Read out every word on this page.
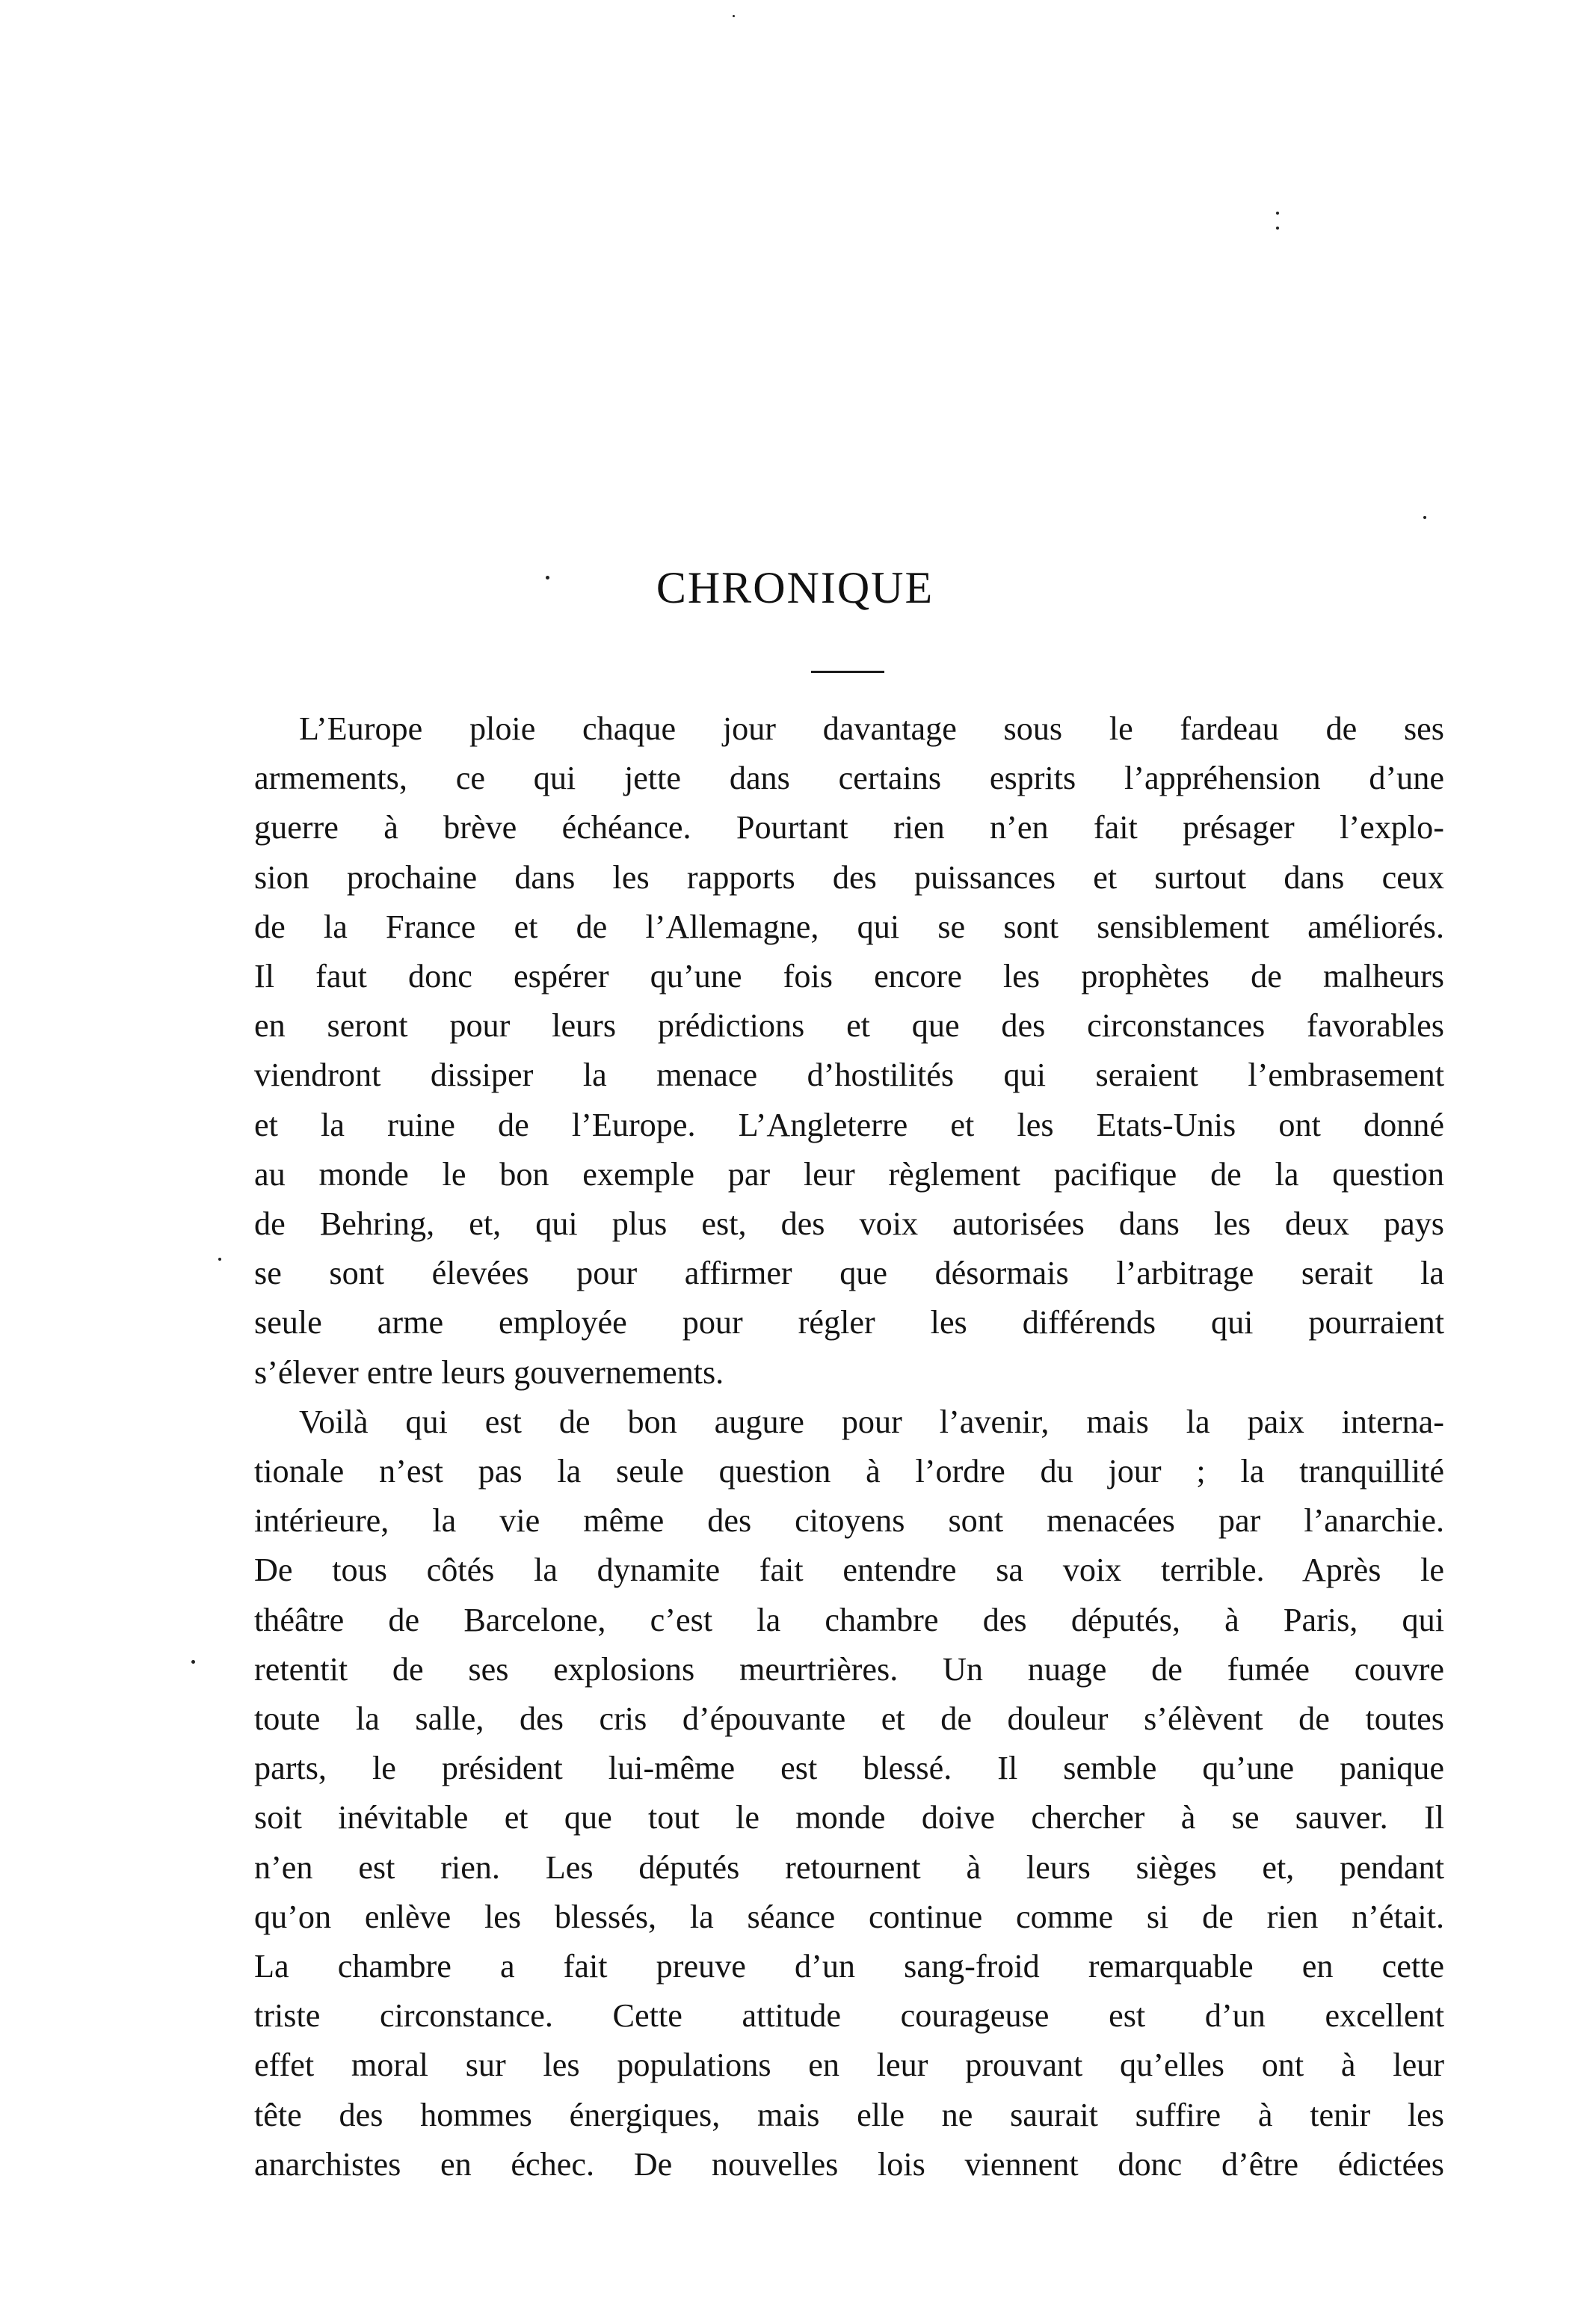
CHRONIQUE
L’Europe ploie chaque jour davantage sous le fardeau de ses
armements, ce qui jette dans certains esprits l’appréhension d’une
guerre à brève échéance. Pourtant rien n’en fait présager l’explo-
sion prochaine dans les rapports des puissances et surtout dans ceux
de la France et de l’Allemagne, qui se sont sensiblement améliorés.
Il faut donc espérer qu’une fois encore les prophètes de malheurs
en seront pour leurs prédictions et que des circonstances favorables
viendront dissiper la menace d’hostilités qui seraient l’embrasement
et la ruine de l’Europe. L’Angleterre et les Etats-Unis ont donné
au monde le bon exemple par leur règlement pacifique de la question
de Behring, et, qui plus est, des voix autorisées dans les deux pays
se sont élevées pour affirmer que désormais l’arbitrage serait la
seule arme employée pour régler les différends qui pourraient
s’élever entre leurs gouvernements.
Voilà qui est de bon augure pour l’avenir, mais la paix interna-
tionale n’est pas la seule question à l’ordre du jour ; la tranquillité
intérieure, la vie même des citoyens sont menacées par l’anarchie.
De tous côtés la dynamite fait entendre sa voix terrible. Après le
théâtre de Barcelone, c’est la chambre des députés, à Paris, qui
retentit de ses explosions meurtrières. Un nuage de fumée couvre
toute la salle, des cris d’épouvante et de douleur s’élèvent de toutes
parts, le président lui-même est blessé. Il semble qu’une panique
soit inévitable et que tout le monde doive chercher à se sauver. Il
n’en est rien. Les députés retournent à leurs sièges et, pendant
qu’on enlève les blessés, la séance continue comme si de rien n’était.
La chambre a fait preuve d’un sang-froid remarquable en cette
triste circonstance. Cette attitude courageuse est d’un excellent
effet moral sur les populations en leur prouvant qu’elles ont à leur
tête des hommes énergiques, mais elle ne saurait suffire à tenir les
anarchistes en échec. De nouvelles lois viennent donc d’être édictées
